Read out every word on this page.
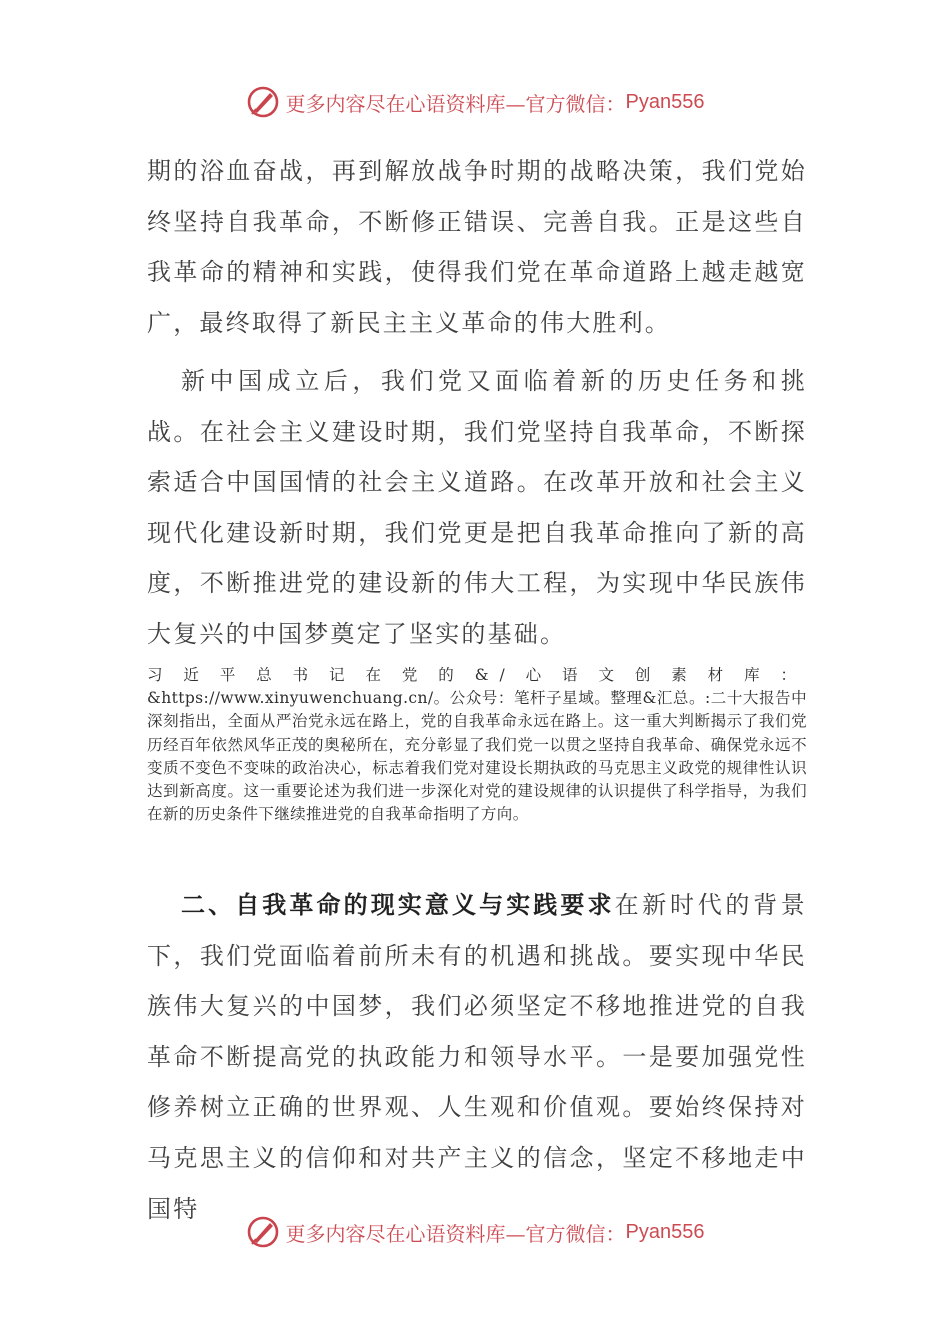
更多内容尽在心语资料库—官方微信： Pyan556

期的浴血奋战，再到解放战争时期的战略决策，我们党始终坚持自我革命，不断修正错误、完善自我。正是这些自我革命的精神和实践，使得我们党在革命道路上越走越宽广，最终取得了新民主主义革命的伟大胜利。

新中国成立后，我们党又面临着新的历史任务和挑战。在社会主义建设时期，我们党坚持自我革命，不断探索适合中国国情的社会主义道路。在改革开放和社会主义现代化建设新时期，我们党更是把自我革命推向了新的高度，不断推进党的建设新的伟大工程，为实现中华民族伟大复兴的中国梦奠定了坚实的基础。

习近平总书记在党的&/心语文创素材库：&https://www.xinyuwenchuang.cn/。公众号：笔杆子星域。整理&汇总。:二十大报告中深刻指出，全面从严治党永远在路上，党的自我革命永远在路上。这一重大判断揭示了我们党历经百年依然风华正茂的奥秘所在，充分彰显了我们党一以贯之坚持自我革命、确保党永远不变质不变色不变味的政治决心，标志着我们党对建设长期执政的马克思主义政党的规律性认识达到新高度。这一重要论述为我们进一步深化对党的建设规律的认识提供了科学指导，为我们在新的历史条件下继续推进党的自我革命指明了方向。

二、自我革命的现实意义与实践要求在新时代的背景下，我们党面临着前所未有的机遇和挑战。要实现中华民族伟大复兴的中国梦，我们必须坚定不移地推进党的自我革命不断提高党的执政能力和领导水平。一是要加强党性修养树立正确的世界观、人生观和价值观。要始终保持对马克思主义的信仰和对共产主义的信念，坚定不移地走中国特

更多内容尽在心语资料库—官方微信： Pyan556
